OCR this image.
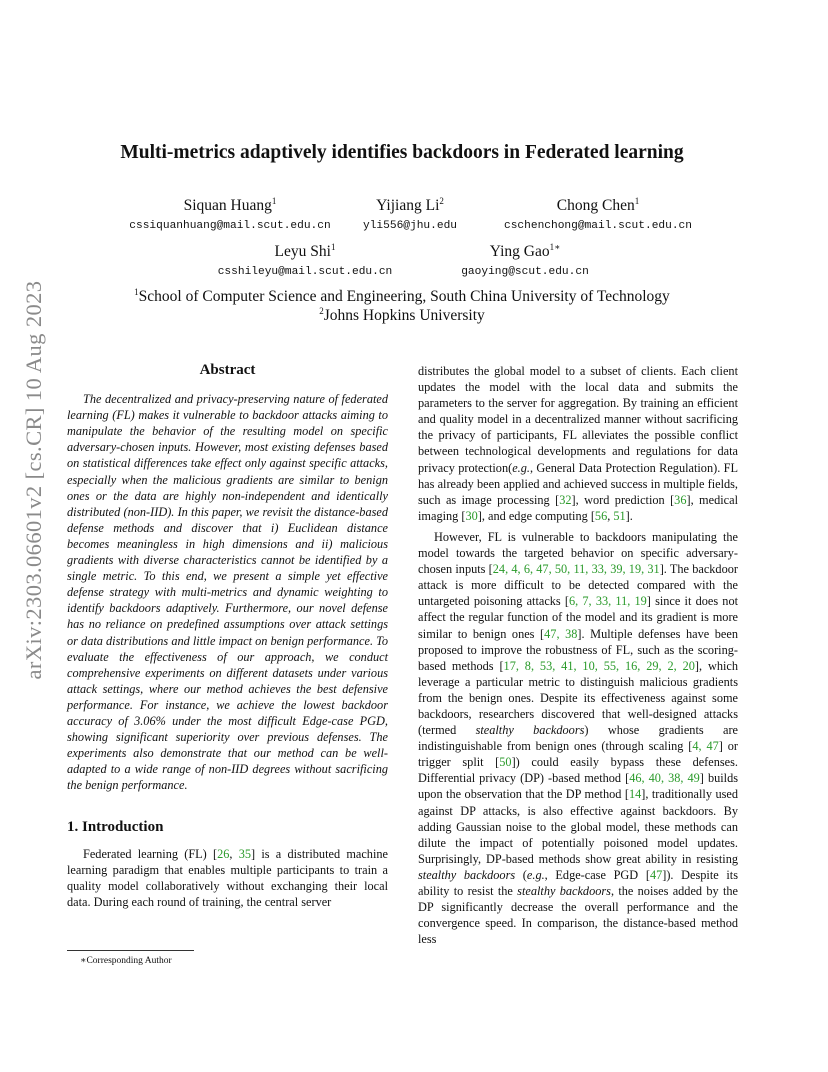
arXiv:2303.06601v2 [cs.CR] 10 Aug 2023
Multi-metrics adaptively identifies backdoors in Federated learning
Siquan Huang$^1$
cssiquanhuang@mail.scut.edu.cn
Yijiang Li$^2$
yli556@jhu.edu
Chong Chen$^1$
cschenchong@mail.scut.edu.cn
Leyu Shi$^1$
csshileyu@mail.scut.edu.cn
Ying Gao$^{1∗}$
gaoying@scut.edu.cn
$^1$School of Computer Science and Engineering, South China University of Technology
$^2$Johns Hopkins University
Abstract

The decentralized and privacy-preserving nature of federated learning (FL) makes it vulnerable to backdoor attacks aiming to manipulate the behavior of the resulting model on specific adversary-chosen inputs. However, most existing defenses based on statistical differences take effect only against specific attacks, especially when the malicious gradients are similar to benign ones or the data are highly non-independent and identically distributed (non-IID). In this paper, we revisit the distance-based defense methods and discover that i) Euclidean distance becomes meaningless in high dimensions and ii) malicious gradients with diverse characteristics cannot be identified by a single metric. To this end, we present a simple yet effective defense strategy with multi-metrics and dynamic weighting to identify backdoors adaptively. Furthermore, our novel defense has no reliance on predefined assumptions over attack settings or data distributions and little impact on benign performance. To evaluate the effectiveness of our approach, we conduct comprehensive experiments on different datasets under various attack settings, where our method achieves the best defensive performance. For instance, we achieve the lowest backdoor accuracy of 3.06% under the most difficult Edge-case PGD, showing significant superiority over previous defenses. The experiments also demonstrate that our method can be well-adapted to a wide range of non-IID degrees without sacrificing the benign performance.

1. Introduction

Federated learning (FL) [26, 35] is a distributed machine learning paradigm that enables multiple participants to train a quality model collaboratively without exchanging their local data. During each round of training, the central server

distributes the global model to a subset of clients. Each client updates the model with the local data and submits the parameters to the server for aggregation. By training an efficient and quality model in a decentralized manner without sacrificing the privacy of participants, FL alleviates the possible conflict between technological developments and regulations for data privacy protection(e.g., General Data Protection Regulation). FL has already been applied and achieved success in multiple fields, such as image processing [32], word prediction [36], medical imaging [30], and edge computing [56, 51].

However, FL is vulnerable to backdoors manipulating the model towards the targeted behavior on specific adversary-chosen inputs [24, 4, 6, 47, 50, 11, 33, 39, 19, 31]. The backdoor attack is more difficult to be detected compared with the untargeted poisoning attacks [6, 7, 33, 11, 19] since it does not affect the regular function of the model and its gradient is more similar to benign ones [47, 38]. Multiple defenses have been proposed to improve the robustness of FL, such as the scoring-based methods [17, 8, 53, 41, 10, 55, 16, 29, 2, 20], which leverage a particular metric to distinguish malicious gradients from the benign ones. Despite its effectiveness against some backdoors, researchers discovered that well-designed attacks (termed stealthy backdoors) whose gradients are indistinguishable from benign ones (through scaling [4, 47] or trigger split [50]) could easily bypass these defenses. Differential privacy (DP) -based method [46, 40, 38, 49] builds upon the observation that the DP method [14], traditionally used against DP attacks, is also effective against backdoors. By adding Gaussian noise to the global model, these methods can dilute the impact of potentially poisoned model updates. Surprisingly, DP-based methods show great ability in resisting stealthy backdoors (e.g., Edge-case PGD [47]). Despite its ability to resist the stealthy backdoors, the noises added by the DP significantly decrease the overall performance and the convergence speed. In comparison, the distance-based method less

∗Corresponding Author
